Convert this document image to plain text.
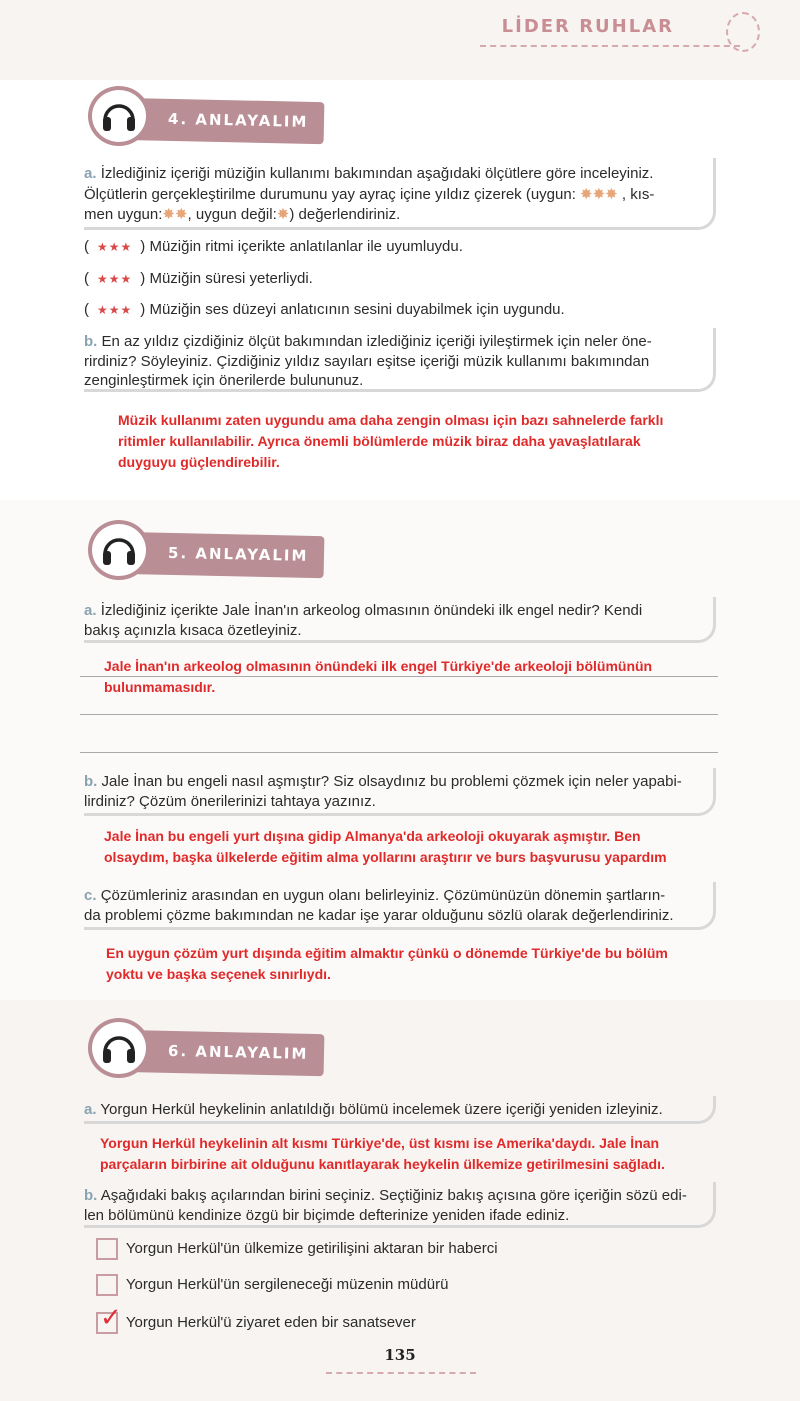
LİDER RUHLAR
4. ANLAYALIM
a. İzlediğiniz içeriği müziğin kullanımı bakımından aşağıdaki ölçütlere göre inceleyiniz.
Ölçütlerin gerçekleştirilme durumunu yay ayraç içine yıldız çizerek (uygun: ✸✸✸ , kıs-
men uygun:✸✸, uygun değil:✸) değerlendiriniz.
( ★★★ ) Müziğin ritmi içerikte anlatılanlar ile uyumluydu.
( ★★★ ) Müziğin süresi yeterliydi.
( ★★★ ) Müziğin ses düzeyi anlatıcının sesini duyabilmek için uygundu.
b. En az yıldız çizdiğiniz ölçüt bakımından izlediğiniz içeriği iyileştirmek için neler öne-
rirdiniz? Söyleyiniz. Çizdiğiniz yıldız sayıları eşitse içeriği müzik kullanımı bakımından
zenginleştirmek için önerilerde bulununuz.
Müzik kullanımı zaten uygundu ama daha zengin olması için bazı sahnelerde farklı
ritimler kullanılabilir. Ayrıca önemli bölümlerde müzik biraz daha yavaşlatılarak
duyguyu güçlendirebilir.
5. ANLAYALIM
a. İzlediğiniz içerikte Jale İnan'ın arkeolog olmasının önündeki ilk engel nedir? Kendi
bakış açınızla kısaca özetleyiniz.
Jale İnan'ın arkeolog olmasının önündeki ilk engel Türkiye'de arkeoloji bölümünün
bulunmamasıdır.
b. Jale İnan bu engeli nasıl aşmıştır? Siz olsaydınız bu problemi çözmek için neler yapabi-
lirdiniz? Çözüm önerilerinizi tahtaya yazınız.
Jale İnan bu engeli yurt dışına gidip Almanya'da arkeoloji okuyarak aşmıştır. Ben
olsaydım, başka ülkelerde eğitim alma yollarını araştırır ve burs başvurusu yapardım
c. Çözümleriniz arasından en uygun olanı belirleyiniz. Çözümünüzün dönemin şartların-
da problemi çözme bakımından ne kadar işe yarar olduğunu sözlü olarak değerlendiriniz.
En uygun çözüm yurt dışında eğitim almaktır çünkü o dönemde Türkiye'de bu bölüm
yoktu ve başka seçenek sınırlıydı.
6. ANLAYALIM
a. Yorgun Herkül heykelinin anlatıldığı bölümü incelemek üzere içeriği yeniden izleyiniz.
Yorgun Herkül heykelinin alt kısmı Türkiye'de, üst kısmı ise Amerika'daydı. Jale İnan
parçaların birbirine ait olduğunu kanıtlayarak heykelin ülkemize getirilmesini sağladı.
b. Aşağıdaki bakış açılarından birini seçiniz. Seçtiğiniz bakış açısına göre içeriğin sözü edi-
len bölümünü kendinize özgü bir biçimde defterinize yeniden ifade ediniz.
Yorgun Herkül'ün ülkemize getirilişini aktaran bir haberci
Yorgun Herkül'ün sergileneceği müzenin müdürü
✓ Yorgun Herkül'ü ziyaret eden bir sanatsever
135
